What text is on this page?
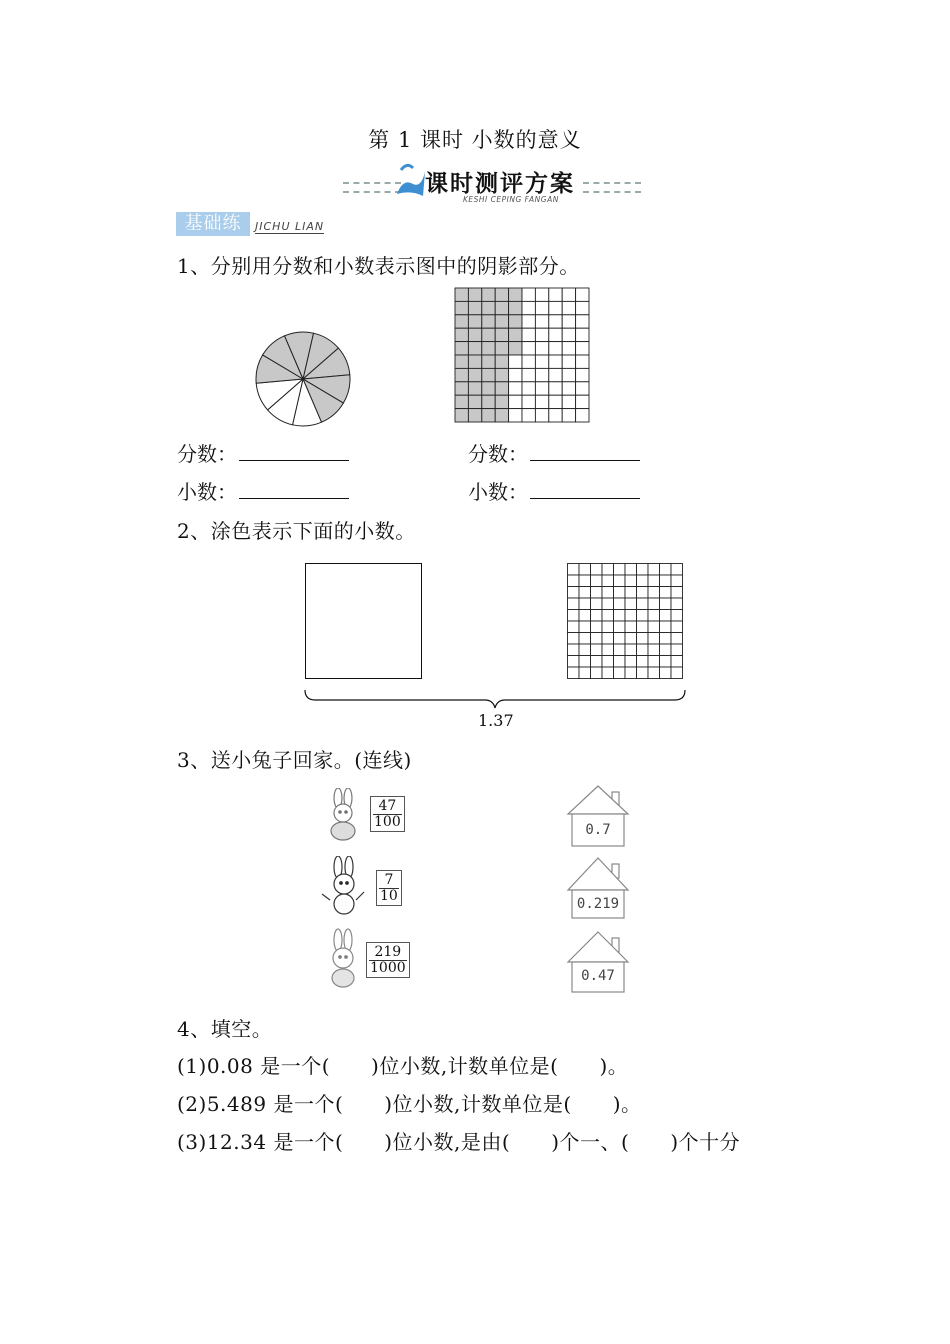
第 1 课时 小数的意义
课时测评方案
KESHI CEPING FANGAN
基础练	JICHU LIAN
1、分别用分数和小数表示图中的阴影部分。
分数：
小数：
分数：
小数：
2、涂色表示下面的小数。
1.37
3、送小兔子回家。(连线)
$\frac{47}{100}$
$\frac{7}{10}$
$\frac{219}{1000}$
0.7
0.219
0.47
4、填空。
(1)0.08 是一个(　　)位小数,计数单位是(　　)。
(2)5.489 是一个(　　)位小数,计数单位是(　　)。
(3)12.34 是一个(　　)位小数,是由(　　)个一、(　　)个十分
